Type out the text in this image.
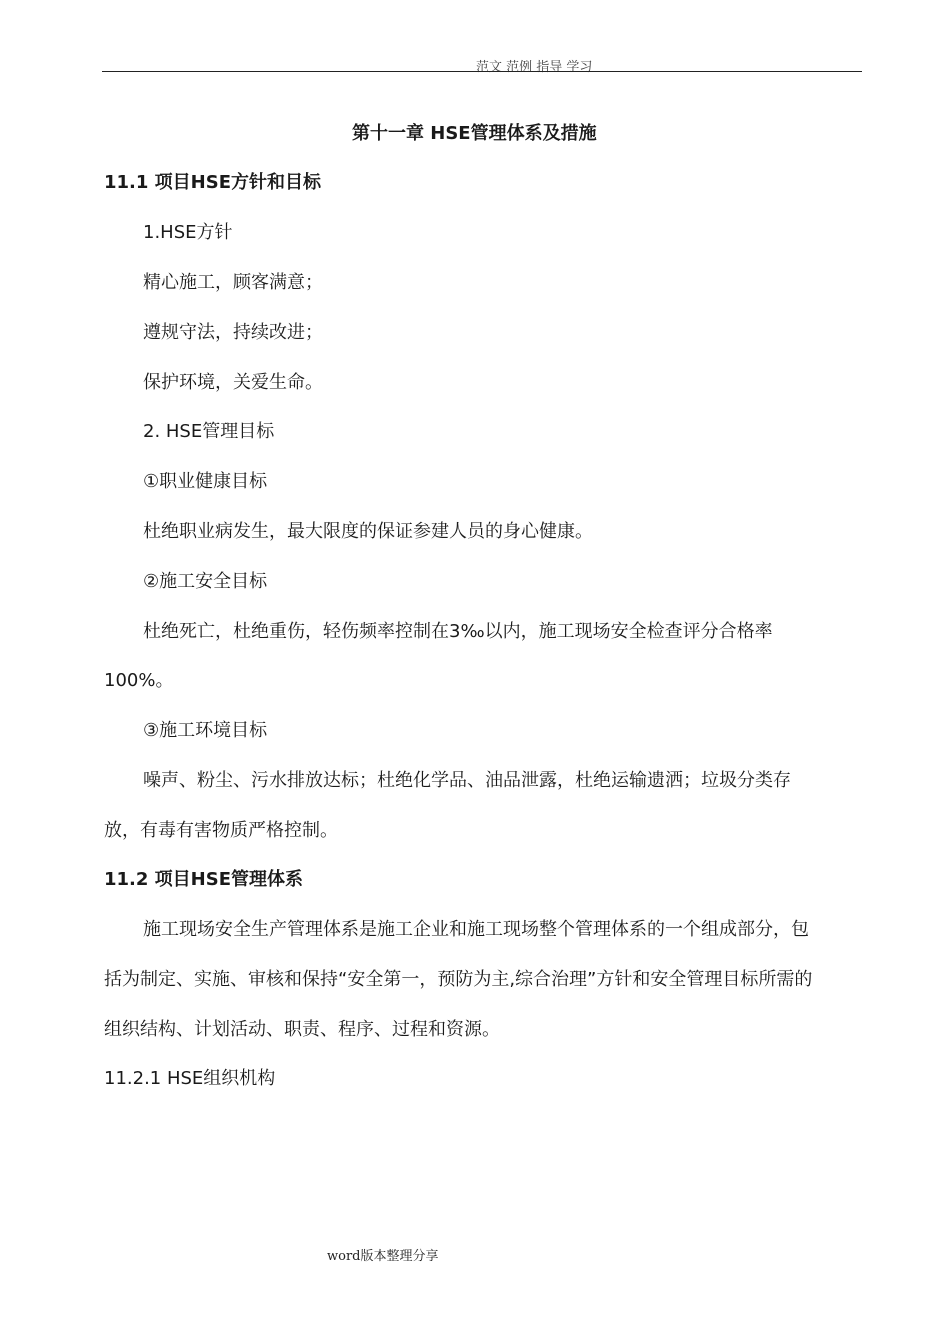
范文 范例 指导 学习
第十一章 HSE管理体系及措施
11.1 项目HSE方针和目标
1.HSE方针
精心施工，顾客满意；
遵规守法，持续改进；
保护环境，关爱生命。
2. HSE管理目标
①职业健康目标
杜绝职业病发生，最大限度的保证参建人员的身心健康。
②施工安全目标
杜绝死亡，杜绝重伤，轻伤频率控制在3‰以内，施工现场安全检查评分合格率
100%。
③施工环境目标
噪声、粉尘、污水排放达标；杜绝化学品、油品泄露，杜绝运输遗洒；垃圾分类存
放，有毒有害物质严格控制。
11.2 项目HSE管理体系
施工现场安全生产管理体系是施工企业和施工现场整个管理体系的一个组成部分，包
括为制定、实施、审核和保持“安全第一，预防为主,综合治理”方针和安全管理目标所需的
组织结构、计划活动、职责、程序、过程和资源。
11.2.1 HSE组织机构
word版本整理分享
